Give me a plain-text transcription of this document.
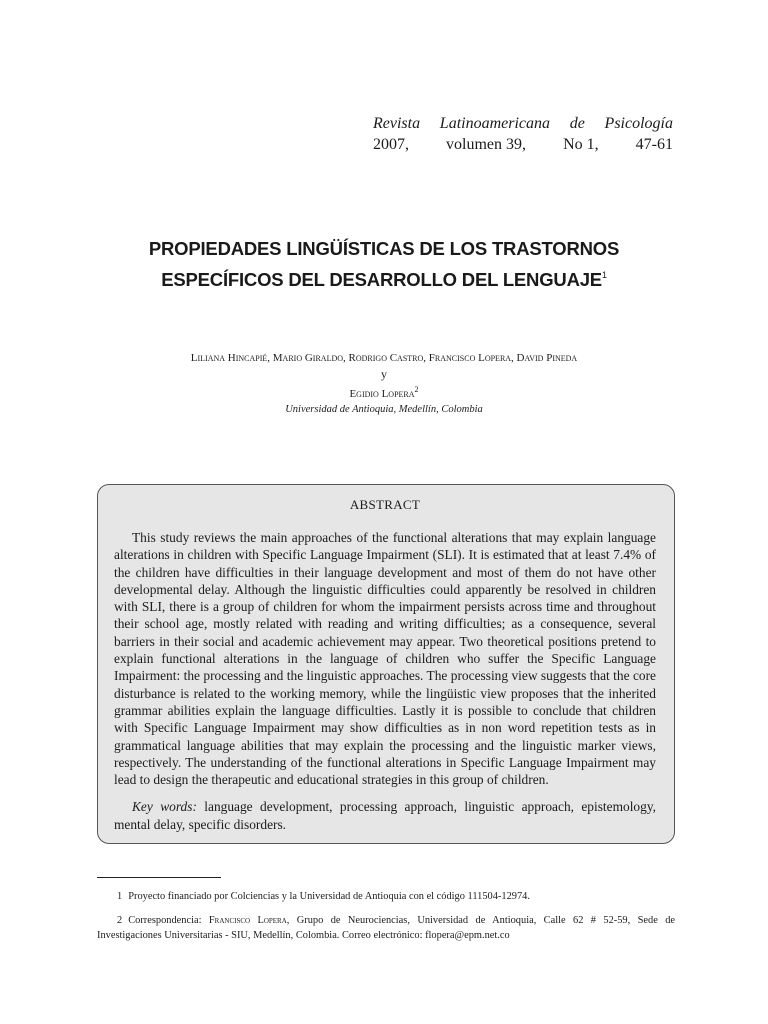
Revista Latinoamericana de Psicología
2007, volumen 39, No 1, 47-61
PROPIEDADES LINGÜÍSTICAS DE LOS TRASTORNOS
ESPECÍFICOS DEL DESARROLLO DEL LENGUAJE$^1$
Liliana Hincapié, Mario Giraldo, Rodrigo Castro, Francisco Lopera, David Pineda
y
Egidio Lopera$^2$
Universidad de Antioquia, Medellín, Colombia
ABSTRACT

This study reviews the main approaches of the functional alterations that may explain language alterations in children with Specific Language Impairment (SLI). It is estimated that at least 7.4% of the children have difficulties in their language development and most of them do not have other developmental delay. Although the linguistic difficulties could apparently be resolved in children with SLI, there is a group of children for whom the impairment persists across time and throughout their school age, mostly related with reading and writing difficulties; as a consequence, several barriers in their social and academic achievement may appear. Two theoretical positions pretend to explain functional alterations in the language of children who suffer the Specific Language Impairment: the processing and the linguistic approaches. The processing view suggests that the core disturbance is related to the working memory, while the lingüistic view proposes that the inherited grammar abilities explain the language difficulties. Lastly it is possible to conclude that children with Specific Language Impairment may show difficulties as in non word repetition tests as in grammatical language abilities that may explain the processing and the linguistic marker views, respectively. The understanding of the functional alterations in Specific Language Impairment may lead to design the therapeutic and educational strategies in this group of children.

Key words: language development, processing approach, linguistic approach, epistemology, mental delay, specific disorders.

1 Proyecto financiado por Colciencias y la Universidad de Antioquia con el código 111504-12974.

2 Correspondencia: Francisco Lopera, Grupo de Neurociencias, Universidad de Antioquia, Calle 62 # 52-59, Sede de Investigaciones Universitarias - SIU, Medellín, Colombia. Correo electrónico: flopera@epm.net.co
